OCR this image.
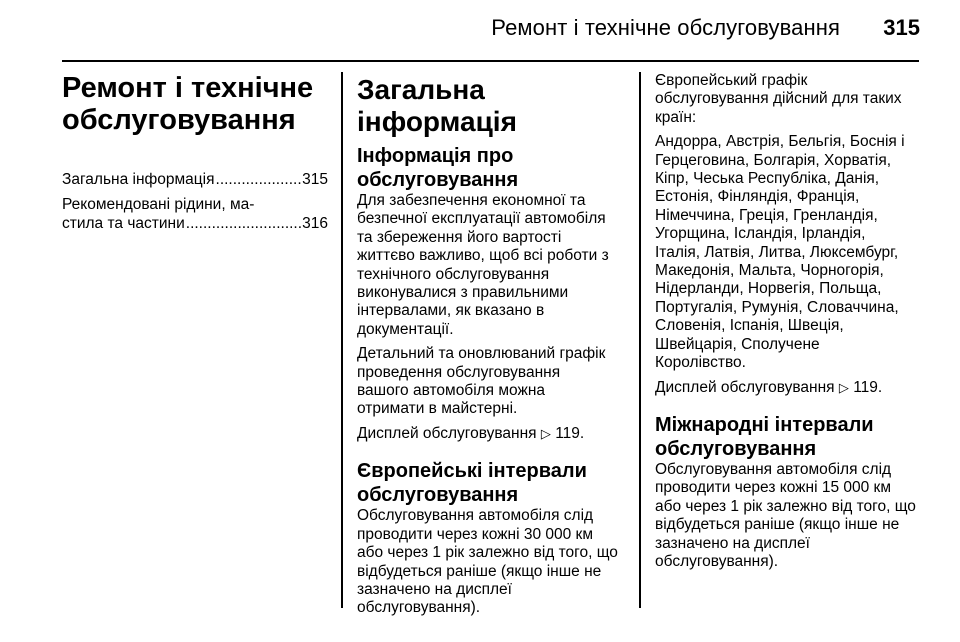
Ремонт і технічне обслуговування 315
Ремонт і технічне
обслуговування
Загальна інформація .....	315
Рекомендовані рідини, ма-
стила та частини .....	316
Загальна інформація
Інформація про
обслуговування

Для забезпечення економної та
безпечної експлуатації автомобіля
та збереження його вартості
життєво важливо, щоб всі роботи з
технічного обслуговування
виконувалися з правильними
інтервалами, як вказано в
документації.

Детальний та оновлюваний графік
проведення обслуговування
вашого автомобіля можна
отримати в майстерні.

Дисплей обслуговування ▷ 119.

Європейські інтервали
обслуговування

Обслуговування автомобіля слід
проводити через кожні 30 000 км
або через 1 рік залежно від того, що
відбудеться раніше (якщо інше не
зазначено на дисплеї
обслуговування).

Європейський графік
обслуговування дійсний для таких
країн:

Андорра, Австрія, Бельгія, Боснія і
Герцеговина, Болгарія, Хорватія,
Кіпр, Чеська Республіка, Данія,
Естонія, Фінляндія, Франція,
Німеччина, Греція, Гренландія,
Угорщина, Ісландія, Ірландія,
Італія, Латвія, Литва, Люксембург,
Македонія, Мальта, Чорногорія,
Нідерланди, Норвегія, Польща,
Португалія, Румунія, Словаччина,
Словенія, Іспанія, Швеція,
Швейцарія, Сполучене
Королівство.

Дисплей обслуговування ▷ 119.

Міжнародні інтервали
обслуговування

Обслуговування автомобіля слід
проводити через кожні 15 000 км
або через 1 рік залежно від того, що
відбудеться раніше (якщо інше не
зазначено на дисплеї
обслуговування).
